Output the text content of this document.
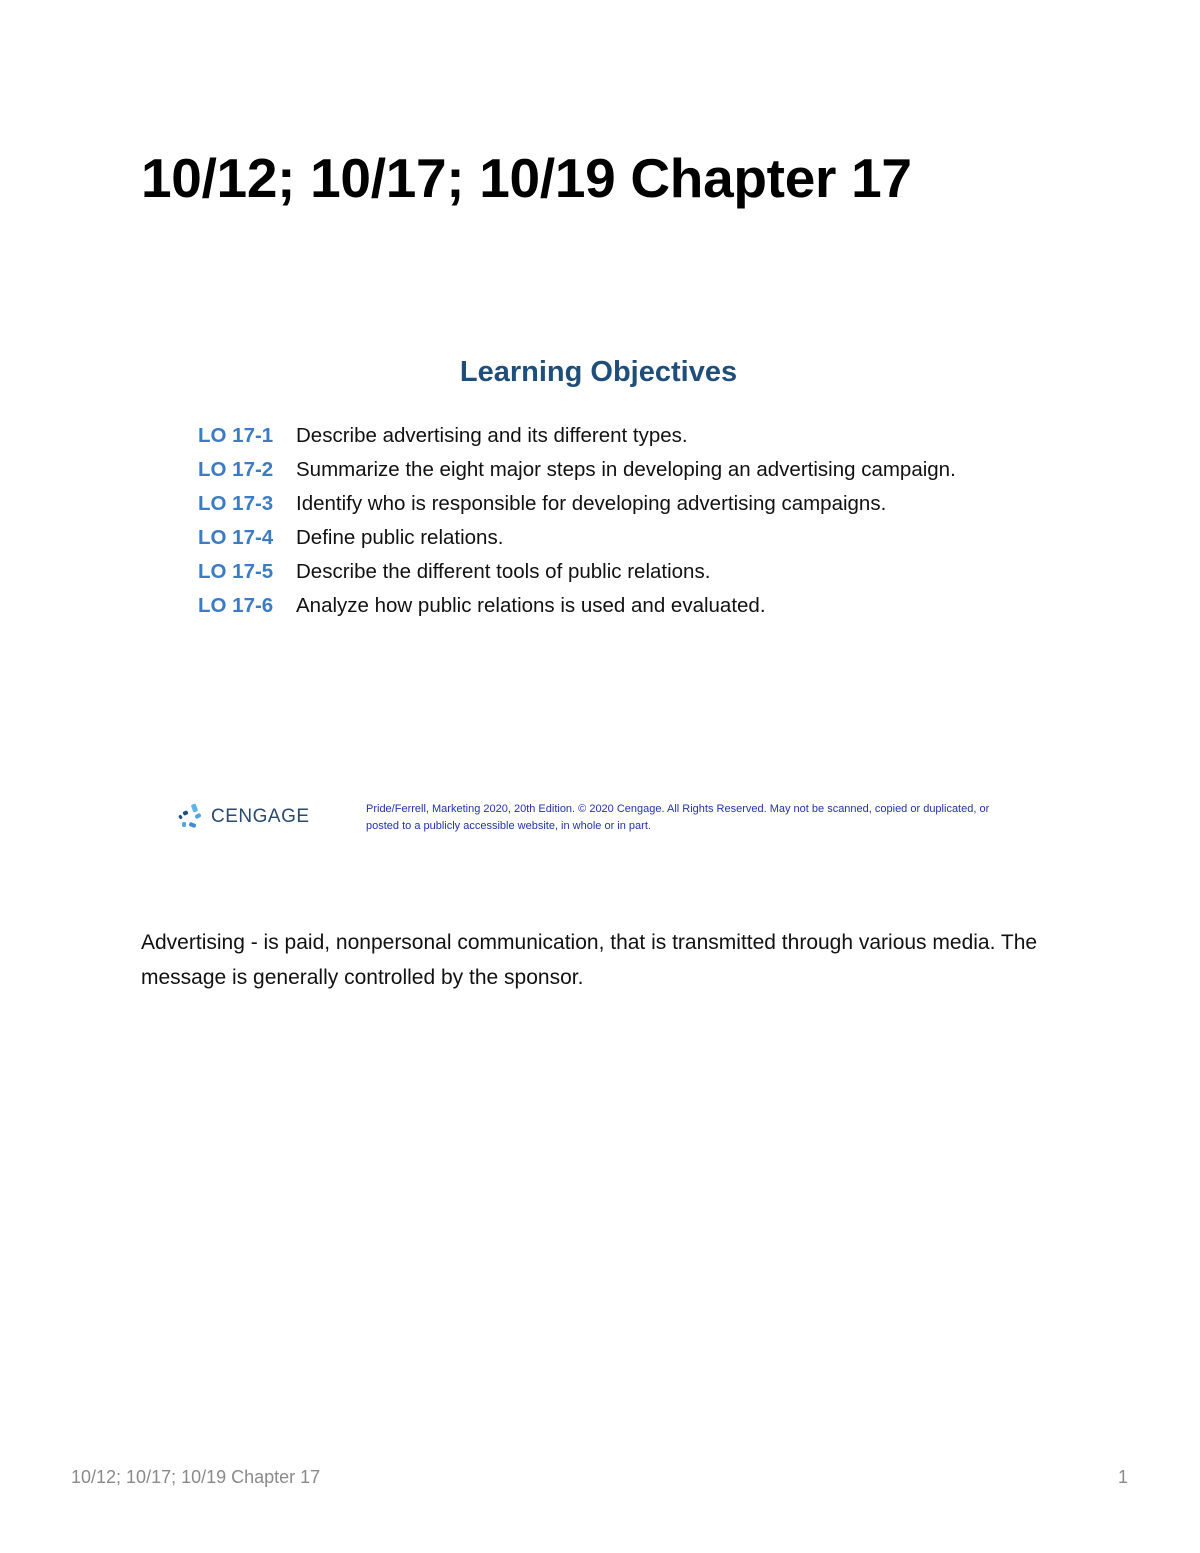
10/12; 10/17; 10/19 Chapter 17
Learning Objectives
LO 17-1	Describe advertising and its different types.
LO 17-2	Summarize the eight major steps in developing an advertising campaign.
LO 17-3	Identify who is responsible for developing advertising campaigns.
LO 17-4	Define public relations.
LO 17-5	Describe the different tools of public relations.
LO 17-6	Analyze how public relations is used and evaluated.
CENGAGE	Pride/Ferrell, Marketing 2020, 20th Edition. © 2020 Cengage. All Rights Reserved. May not be scanned, copied or duplicated, or posted to a publicly accessible website, in whole or in part.

Advertising - is paid, nonpersonal communication, that is transmitted through various media. The message is generally controlled by the sponsor.

10/12; 10/17; 10/19 Chapter 17	1
